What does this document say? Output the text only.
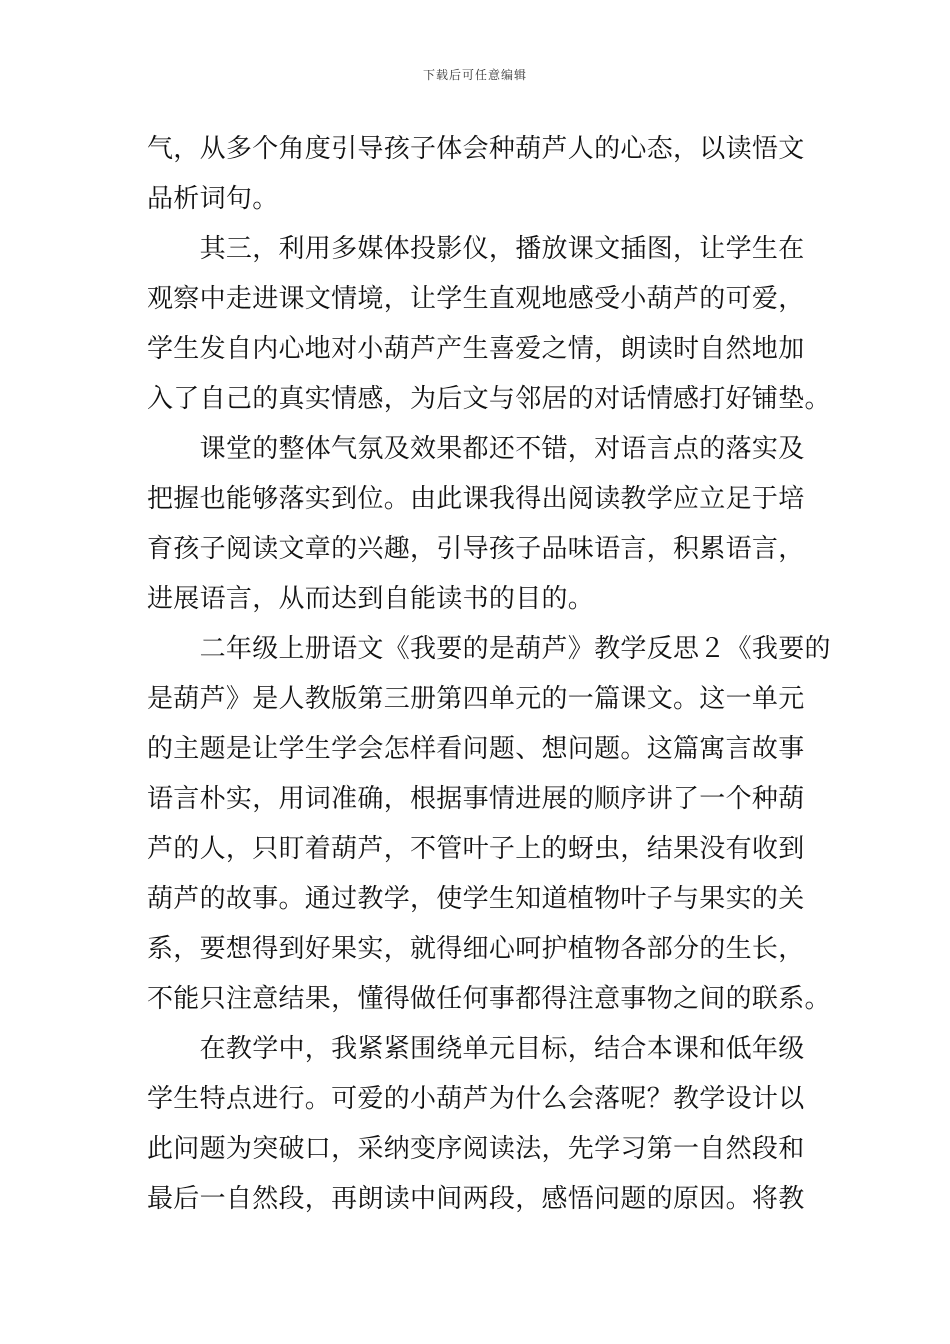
下载后可任意编辑
气，从多个角度引导孩子体会种葫芦人的心态，以读悟文
品析词句。
　　其三，利用多媒体投影仪，播放课文插图，让学生在
观察中走进课文情境，让学生直观地感受小葫芦的可爱，
学生发自内心地对小葫芦产生喜爱之情，朗读时自然地加
入了自己的真实情感，为后文与邻居的对话情感打好铺垫。
　　课堂的整体气氛及效果都还不错，对语言点的落实及
把握也能够落实到位。由此课我得出阅读教学应立足于培
育孩子阅读文章的兴趣，引导孩子品味语言，积累语言，
进展语言，从而达到自能读书的目的。
　　二年级上册语文《我要的是葫芦》教学反思２《我要的
是葫芦》是人教版第三册第四单元的一篇课文。这一单元
的主题是让学生学会怎样看问题、想问题。这篇寓言故事
语言朴实，用词准确，根据事情进展的顺序讲了一个种葫
芦的人，只盯着葫芦，不管叶子上的蚜虫，结果没有收到
葫芦的故事。通过教学，使学生知道植物叶子与果实的关
系，要想得到好果实，就得细心呵护植物各部分的生长，
不能只注意结果，懂得做任何事都得注意事物之间的联系。
　　在教学中，我紧紧围绕单元目标，结合本课和低年级
学生特点进行。可爱的小葫芦为什么会落呢？教学设计以
此问题为突破口，采纳变序阅读法，先学习第一自然段和
最后一自然段，再朗读中间两段，感悟问题的原因。将教
